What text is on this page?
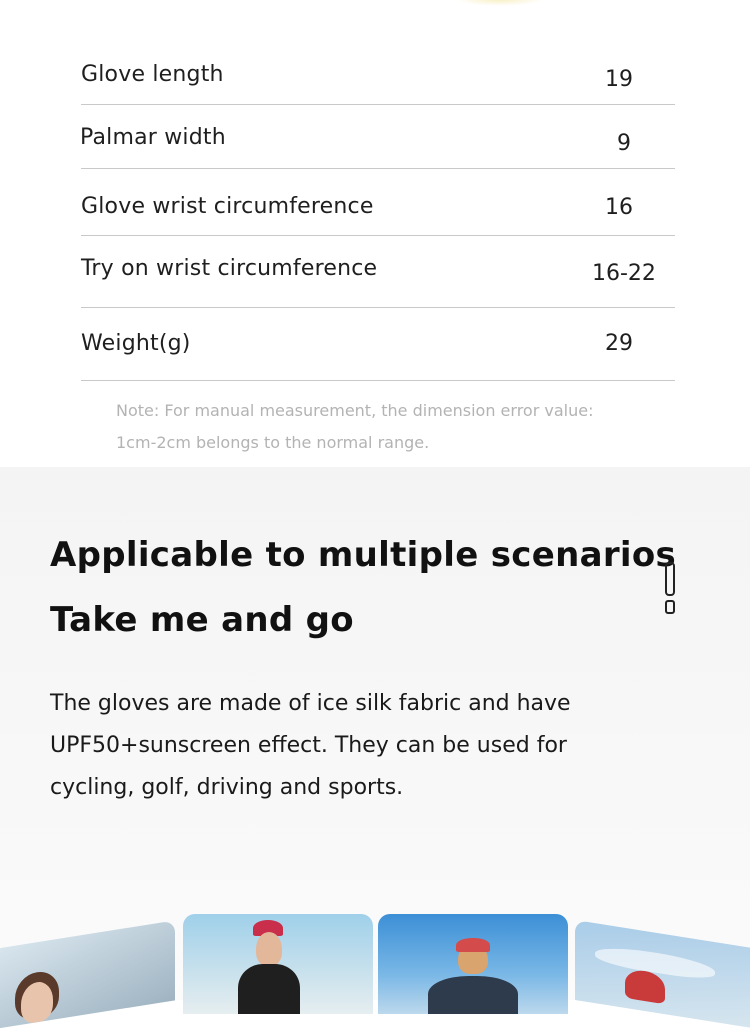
Glove length	19
Palmar width	9
Glove wrist circumference	16
Try on wrist circumference	16-22
Weight(g)	29
Note: For manual measurement, the dimension error value:
1cm-2cm belongs to the normal range.
Applicable to multiple scenarios
Take me and go
The gloves are made of ice silk fabric and have
UPF50+sunscreen effect. They can be used for
cycling, golf, driving and sports.
